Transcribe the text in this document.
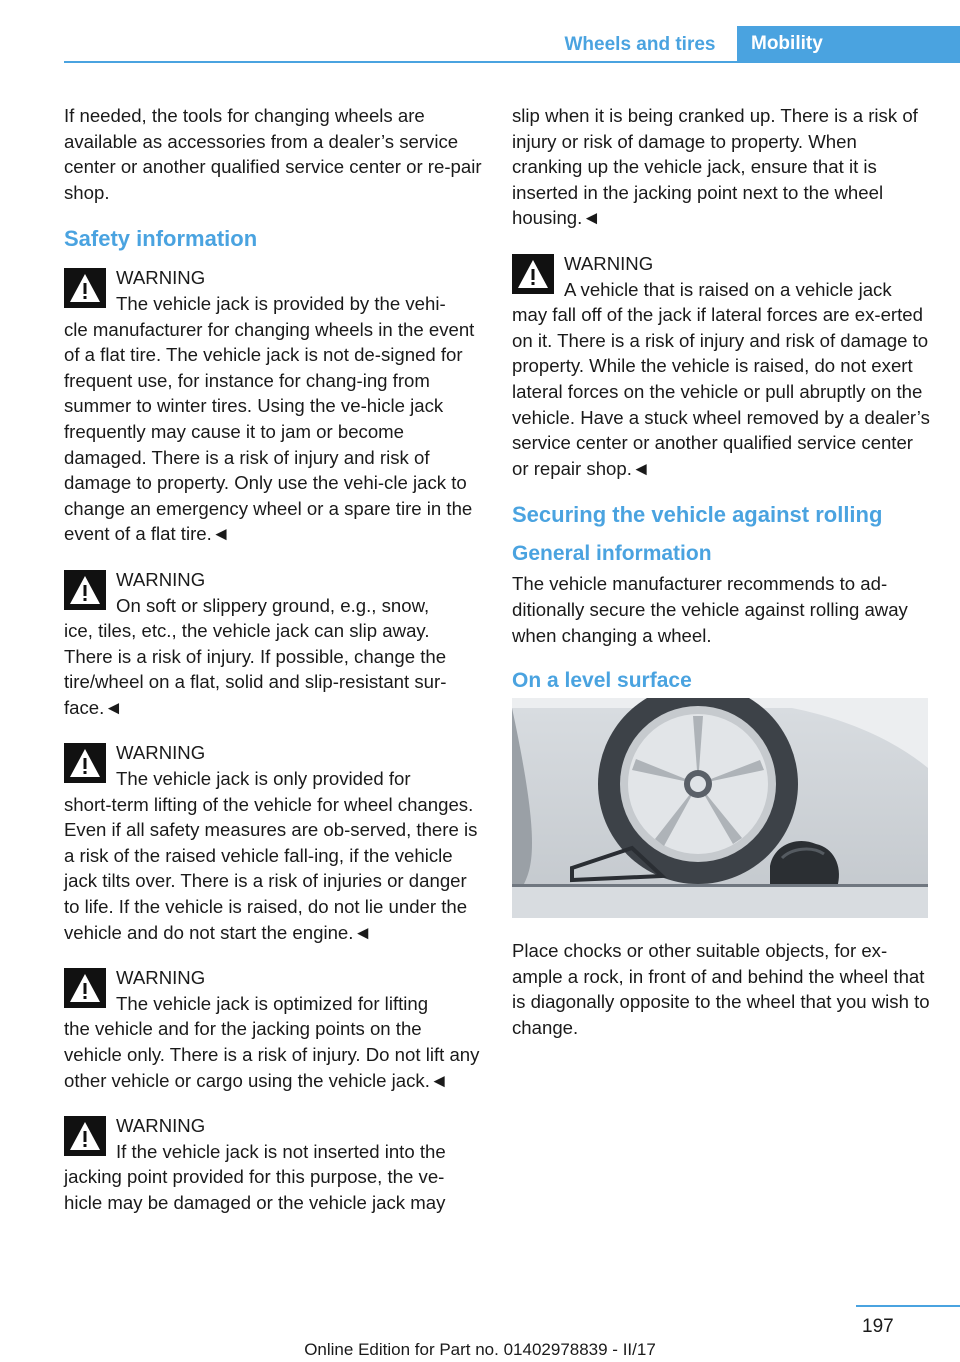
Wheels and tires	Mobility

If needed, the tools for changing wheels are available as accessories from a dealer’s service center or another qualified service center or re-pair shop.

Safety information
WARNING
The vehicle jack is provided by the vehi-

cle manufacturer for changing wheels in the event of a flat tire. The vehicle jack is not de-signed for frequent use, for instance for chang-ing from summer to winter tires. Using the ve-hicle jack frequently may cause it to jam or become damaged. There is a risk of injury and risk of damage to property. Only use the vehi-cle jack to change an emergency wheel or a spare tire in the event of a flat tire.◄

WARNING
On soft or slippery ground, e.g., snow,

ice, tiles, etc., the vehicle jack can slip away. There is a risk of injury. If possible, change the tire/wheel on a flat, solid and slip-resistant sur-face.◄

WARNING
The vehicle jack is only provided for

short-term lifting of the vehicle for wheel changes. Even if all safety measures are ob-served, there is a risk of the raised vehicle fall-ing, if the vehicle jack tilts over. There is a risk of injuries or danger to life. If the vehicle is raised, do not lie under the vehicle and do not start the engine.◄

WARNING
The vehicle jack is optimized for lifting

the vehicle and for the jacking points on the vehicle only. There is a risk of injury. Do not lift any other vehicle or cargo using the vehicle jack.◄

WARNING
If the vehicle jack is not inserted into the

jacking point provided for this purpose, the ve-hicle may be damaged or the vehicle jack may

slip when it is being cranked up. There is a risk of injury or risk of damage to property. When cranking up the vehicle jack, ensure that it is inserted in the jacking point next to the wheel housing.◄

WARNING
A vehicle that is raised on a vehicle jack

may fall off of the jack if lateral forces are ex-erted on it. There is a risk of injury and risk of damage to property. While the vehicle is raised, do not exert lateral forces on the vehicle or pull abruptly on the vehicle. Have a stuck wheel removed by a dealer’s service center or another qualified service center or repair shop.◄

Securing the vehicle against rolling
General information

The vehicle manufacturer recommends to ad-ditionally secure the vehicle against rolling away when changing a wheel.

On a level surface

Place chocks or other suitable objects, for ex-ample a rock, in front of and behind the wheel that is diagonally opposite to the wheel that you wish to change.

197
Online Edition for Part no. 01402978839 - II/17
